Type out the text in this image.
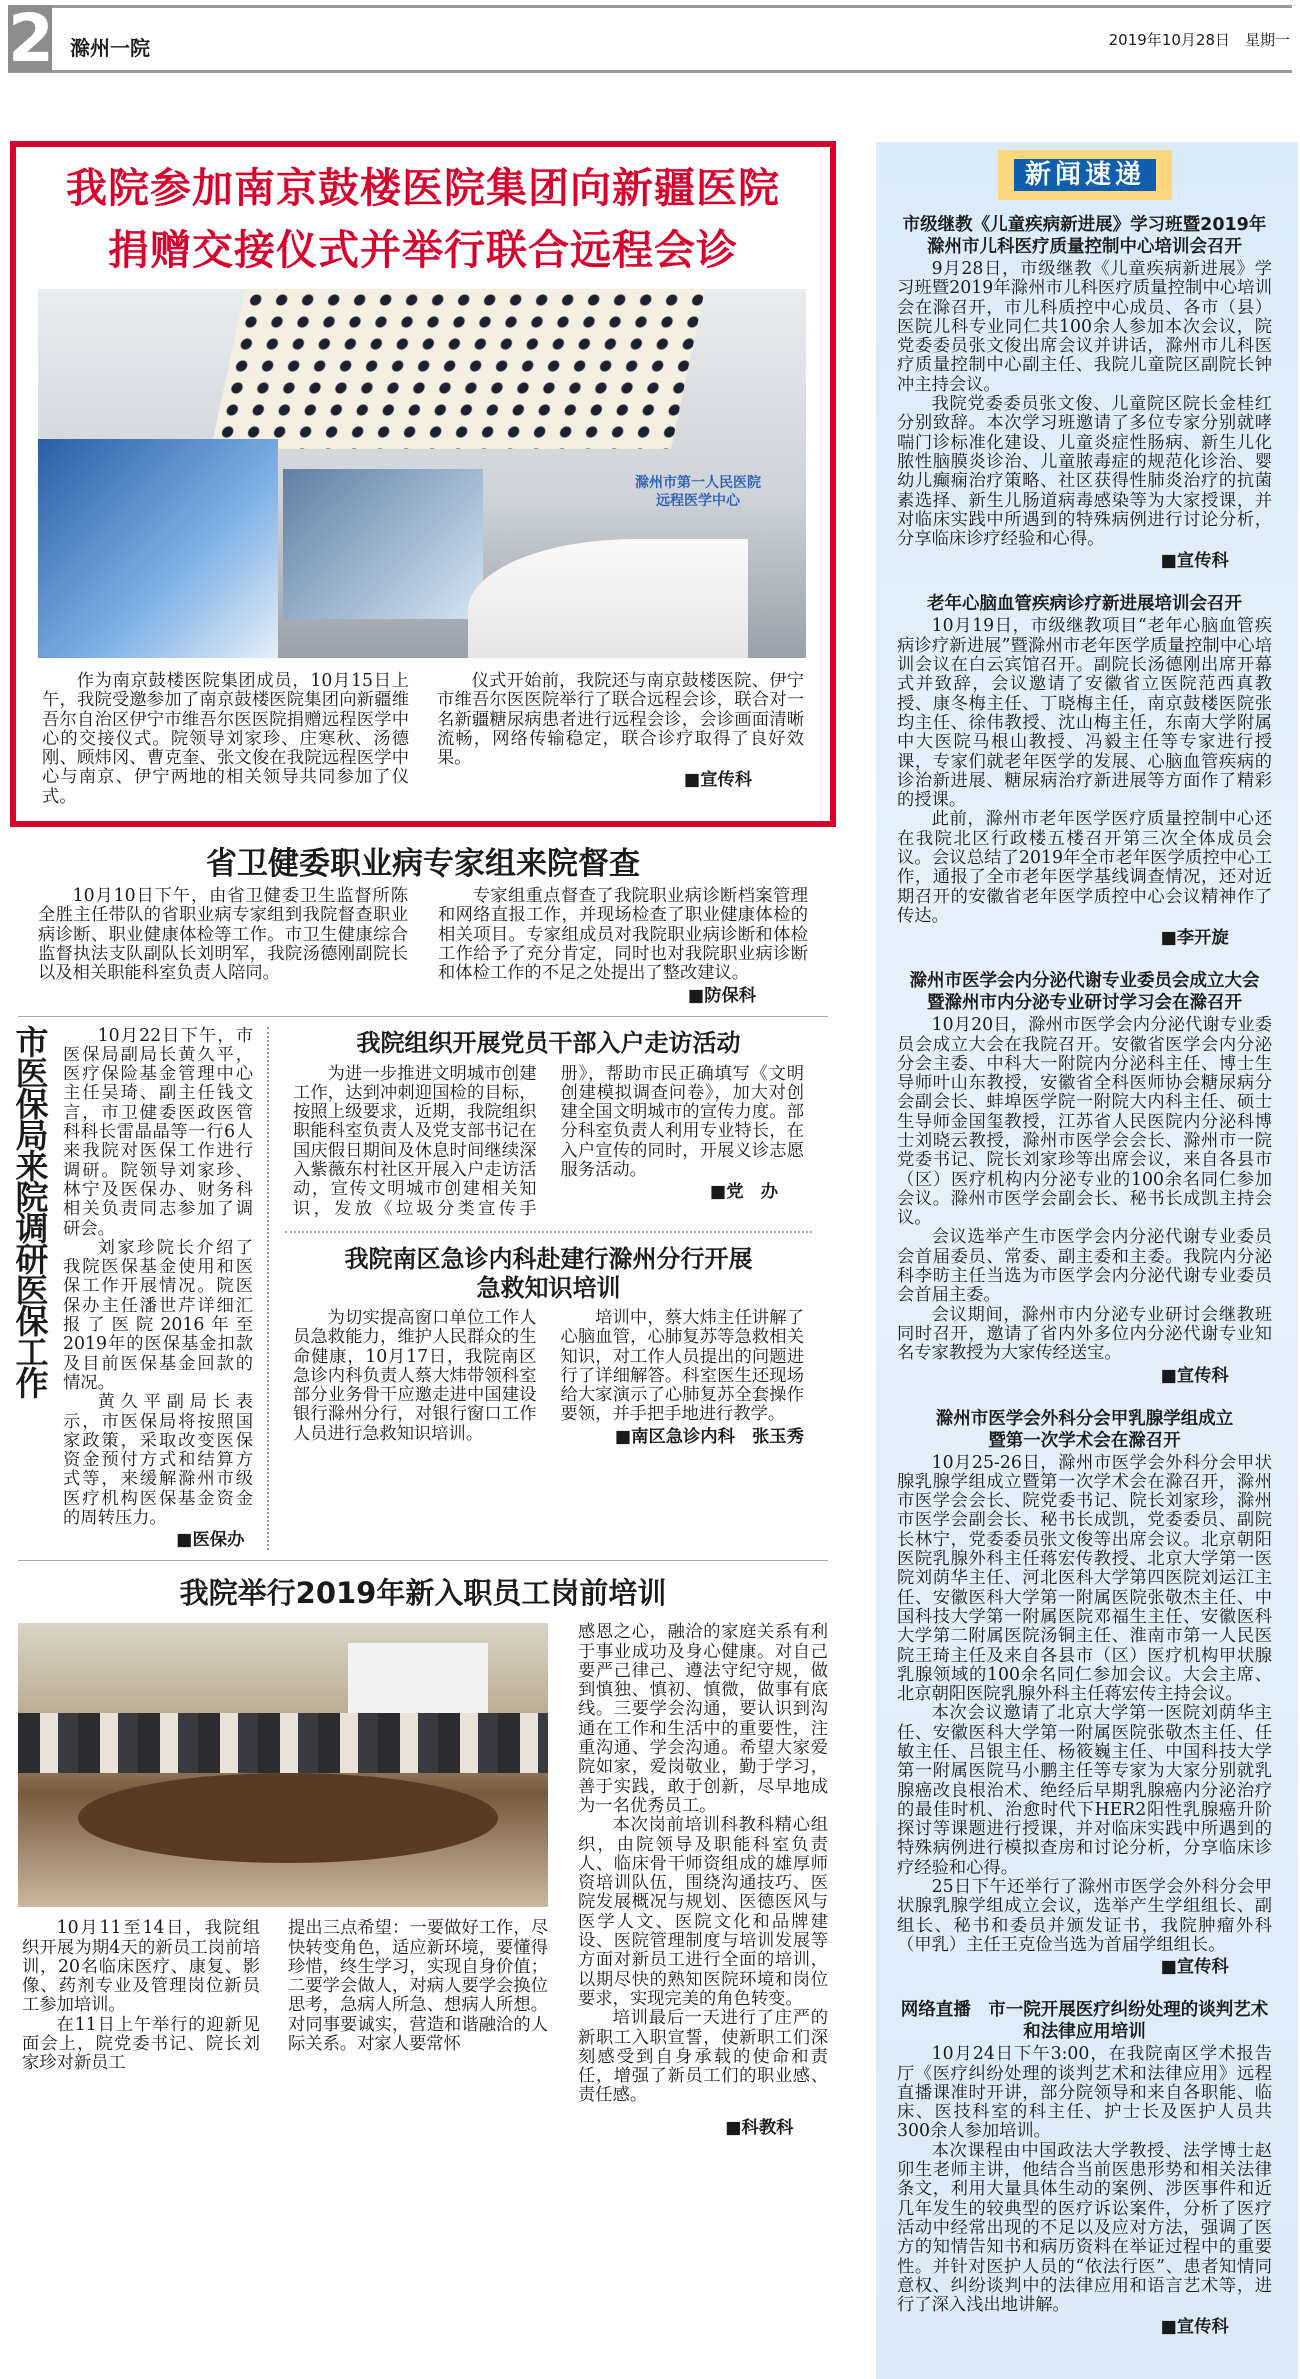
2 滁州一院	2019年10月28日　星期一
我院参加南京鼓楼医院集团向新疆医院
捐赠交接仪式并举行联合远程会诊
滁州市第一人民医院
远程医学中心

作为南京鼓楼医院集团成员，10月15日上午，我院受邀参加了南京鼓楼医院集团向新疆维吾尔自治区伊宁市维吾尔医医院捐赠远程医学中心的交接仪式。院领导刘家珍、庄寒秋、汤德刚、顾炜冈、曹克奎、张文俊在我院远程医学中心与南京、伊宁两地的相关领导共同参加了仪式。

仪式开始前，我院还与南京鼓楼医院、伊宁市维吾尔医医院举行了联合远程会诊，联合对一名新疆糖尿病患者进行远程会诊，会诊画面清晰流畅，网络传输稳定，联合诊疗取得了良好效果。

■ 宣传科
省卫健委职业病专家组来院督查

10月10日下午，由省卫健委卫生监督所陈全胜主任带队的省职业病专家组到我院督查职业病诊断、职业健康体检等工作。市卫生健康综合监督执法支队副队长刘明军，我院汤德刚副院长以及相关职能科室负责人陪同。

专家组重点督查了我院职业病诊断档案管理和网络直报工作，并现场检查了职业健康体检的相关项目。专家组成员对我院职业病诊断和体检工作给予了充分肯定，同时也对我院职业病诊断和体检工作的不足之处提出了整改建议。

■ 防保科
市医保局来院调研医保工作

10月22日下午，市医保局副局长黄久平，医疗保险基金管理中心主任吴琦、副主任钱文言，市卫健委医政医管科科长雷晶晶等一行6人来我院对医保工作进行调研。院领导刘家珍、林宁及医保办、财务科相关负责同志参加了调研会。

刘家珍院长介绍了我院医保基金使用和医保工作开展情况。院医保办主任潘世芹详细汇报了医院2016年至2019年的医保基金扣款及目前医保基金回款的情况。

黄久平副局长表示，市医保局将按照国家政策，采取改变医保资金预付方式和结算方式等，来缓解滁州市级医疗机构医保基金资金的周转压力。

■ 医保办
我院组织开展党员干部入户走访活动

为进一步推进文明城市创建工作，达到冲刺迎国检的目标，按照上级要求，近期，我院组织职能科室负责人及党支部书记在国庆假日期间及休息时间继续深入紫薇东村社区开展入户走访活动，宣传文明城市创建相关知识，发放《垃圾分类宣传手册》，帮助市民正确填写《文明创建模拟调查问卷》，加大对创建全国文明城市的宣传力度。部分科室负责人利用专业特长，在入户宣传的同时，开展义诊志愿服务活动。

■ 党　办
我院南区急诊内科赴建行滁州分行开展
急救知识培训

为切实提高窗口单位工作人员急救能力，维护人民群众的生命健康，10月17日，我院南区急诊内科负责人蔡大炜带领科室部分业务骨干应邀走进中国建设银行滁州分行，对银行窗口工作人员进行急救知识培训。

培训中，蔡大炜主任讲解了心脑血管，心肺复苏等急救相关知识，对工作人员提出的问题进行了详细解答。科室医生还现场给大家演示了心肺复苏全套操作要领，并手把手地进行教学。

■ 南区急诊内科　张玉秀
我院举行2019年新入职员工岗前培训

10月11至14日，我院组织开展为期4天的新员工岗前培训，20名临床医疗、康复、影像、药剂专业及管理岗位新员工参加培训。

在11日上午举行的迎新见面会上，院党委书记、院长刘家珍对新员工

提出三点希望：一要做好工作，尽快转变角色，适应新环境，要懂得珍惜，终生学习，实现自身价值；二要学会做人，对病人要学会换位思考，急病人所急、想病人所想。对同事要诚实，营造和谐融洽的人际关系。对家人要常怀

感恩之心，融洽的家庭关系有利于事业成功及身心健康。对自己要严己律己、遵法守纪守规，做到慎独、慎初、慎微，做事有底线。三要学会沟通，要认识到沟通在工作和生活中的重要性，注重沟通、学会沟通。希望大家爱院如家，爱岗敬业，勤于学习，善于实践，敢于创新，尽早地成为一名优秀员工。

本次岗前培训科教科精心组织，由院领导及职能科室负责人、临床骨干师资组成的雄厚师资培训队伍，围绕沟通技巧、医院发展概况与规划、医德医风与医学人文、医院文化和品牌建设、医院管理制度与培训发展等方面对新员工进行全面的培训，以期尽快的熟知医院环境和岗位要求，实现完美的角色转变。

培训最后一天进行了庄严的新职工入职宣誓，使新职工们深刻感受到自身承载的使命和责任，增强了新员工们的职业感、责任感。

■ 科教科
新闻速递
市级继教《儿童疾病新进展》学习班暨2019年
滁州市儿科医疗质量控制中心培训会召开

9月28日，市级继教《儿童疾病新进展》学习班暨2019年滁州市儿科医疗质量控制中心培训会在滁召开，市儿科质控中心成员、各市（县）医院儿科专业同仁共100余人参加本次会议，院党委委员张文俊出席会议并讲话，滁州市儿科医疗质量控制中心副主任、我院儿童院区副院长钟冲主持会议。

我院党委委员张文俊、儿童院区院长金桂红分别致辞。本次学习班邀请了多位专家分别就哮喘门诊标准化建设、儿童炎症性肠病、新生儿化脓性脑膜炎诊治、儿童脓毒症的规范化诊治、婴幼儿癫痫治疗策略、社区获得性肺炎治疗的抗菌素选择、新生儿肠道病毒感染等为大家授课，并对临床实践中所遇到的特殊病例进行讨论分析，分享临床诊疗经验和心得。

■ 宣传科
老年心脑血管疾病诊疗新进展培训会召开

10月19日，市级继教项目“老年心脑血管疾病诊疗新进展”暨滁州市老年医学质量控制中心培训会议在白云宾馆召开。副院长汤德刚出席开幕式并致辞，会议邀请了安徽省立医院范西真教授、康冬梅主任、丁晓梅主任，南京鼓楼医院张均主任、徐伟教授、沈山梅主任，东南大学附属中大医院马根山教授、冯毅主任等专家进行授课，专家们就老年医学的发展、心脑血管疾病的诊治新进展、糖尿病治疗新进展等方面作了精彩的授课。

此前，滁州市老年医学医疗质量控制中心还在我院北区行政楼五楼召开第三次全体成员会议。会议总结了2019年全市老年医学质控中心工作，通报了全市老年医学基线调查情况，还对近期召开的安徽省老年医学质控中心会议精神作了传达。

■ 李开旋
滁州市医学会内分泌代谢专业委员会成立大会
暨滁州市内分泌专业研讨学习会在滁召开

10月20日，滁州市医学会内分泌代谢专业委员会成立大会在我院召开。安徽省医学会内分泌分会主委、中科大一附院内分泌科主任、博士生导师叶山东教授，安徽省全科医师协会糖尿病分会副会长、蚌埠医学院一附院大内科主任、硕士生导师金国玺教授，江苏省人民医院内分泌科博士刘晓云教授，滁州市医学会会长、滁州市一院党委书记、院长刘家珍等出席会议，来自各县市（区）医疗机构内分泌专业的100余名同仁参加会议。滁州市医学会副会长、秘书长成凯主持会议。

会议选举产生市医学会内分泌代谢专业委员会首届委员、常委、副主委和主委。我院内分泌科李昉主任当选为市医学会内分泌代谢专业委员会首届主委。

会议期间，滁州市内分泌专业研讨会继教班同时召开，邀请了省内外多位内分泌代谢专业知名专家教授为大家传经送宝。

■ 宣传科
滁州市医学会外科分会甲乳腺学组成立
暨第一次学术会在滁召开

10月25-26日，滁州市医学会外科分会甲状腺乳腺学组成立暨第一次学术会在滁召开，滁州市医学会会长、院党委书记、院长刘家珍，滁州市医学会副会长、秘书长成凯，党委委员、副院长林宁，党委委员张文俊等出席会议。北京朝阳医院乳腺外科主任蒋宏传教授、北京大学第一医院刘荫华主任、河北医科大学第四医院刘运江主任、安徽医科大学第一附属医院张敬杰主任、中国科技大学第一附属医院邓福生主任、安徽医科大学第二附属医院汤铜主任、淮南市第一人民医院王琦主任及来自各县市（区）医疗机构甲状腺乳腺领域的100余名同仁参加会议。大会主席、北京朝阳医院乳腺外科主任蒋宏传主持会议。

本次会议邀请了北京大学第一医院刘荫华主任、安徽医科大学第一附属医院张敬杰主任、任敏主任、吕银主任、杨筱巍主任、中国科技大学第一附属医院马小鹏主任等专家为大家分别就乳腺癌改良根治术、绝经后早期乳腺癌内分泌治疗的最佳时机、治愈时代下HER2阳性乳腺癌升阶探讨等课题进行授课，并对临床实践中所遇到的特殊病例进行模拟查房和讨论分析，分享临床诊疗经验和心得。

25日下午还举行了滁州市医学会外科分会甲状腺乳腺学组成立会议，选举产生学组组长、副组长、秘书和委员并颁发证书，我院肿瘤外科（甲乳）主任王克俭当选为首届学组组长。

■ 宣传科
网络直播　市一院开展医疗纠纷处理的谈判艺术
和法律应用培训

10月24日下午3:00，在我院南区学术报告厅《医疗纠纷处理的谈判艺术和法律应用》远程直播课准时开讲，部分院领导和来自各职能、临床、医技科室的科主任、护士长及医护人员共300余人参加培训。

本次课程由中国政法大学教授、法学博士赵卯生老师主讲，他结合当前医患形势和相关法律条文，利用大量具体生动的案例、涉医事件和近几年发生的较典型的医疗诉讼案件，分析了医疗活动中经常出现的不足以及应对方法，强调了医方的知情告知书和病历资料在举证过程中的重要性。并针对医护人员的“依法行医”、患者知情同意权、纠纷谈判中的法律应用和语言艺术等，进行了深入浅出地讲解。

■ 宣传科
